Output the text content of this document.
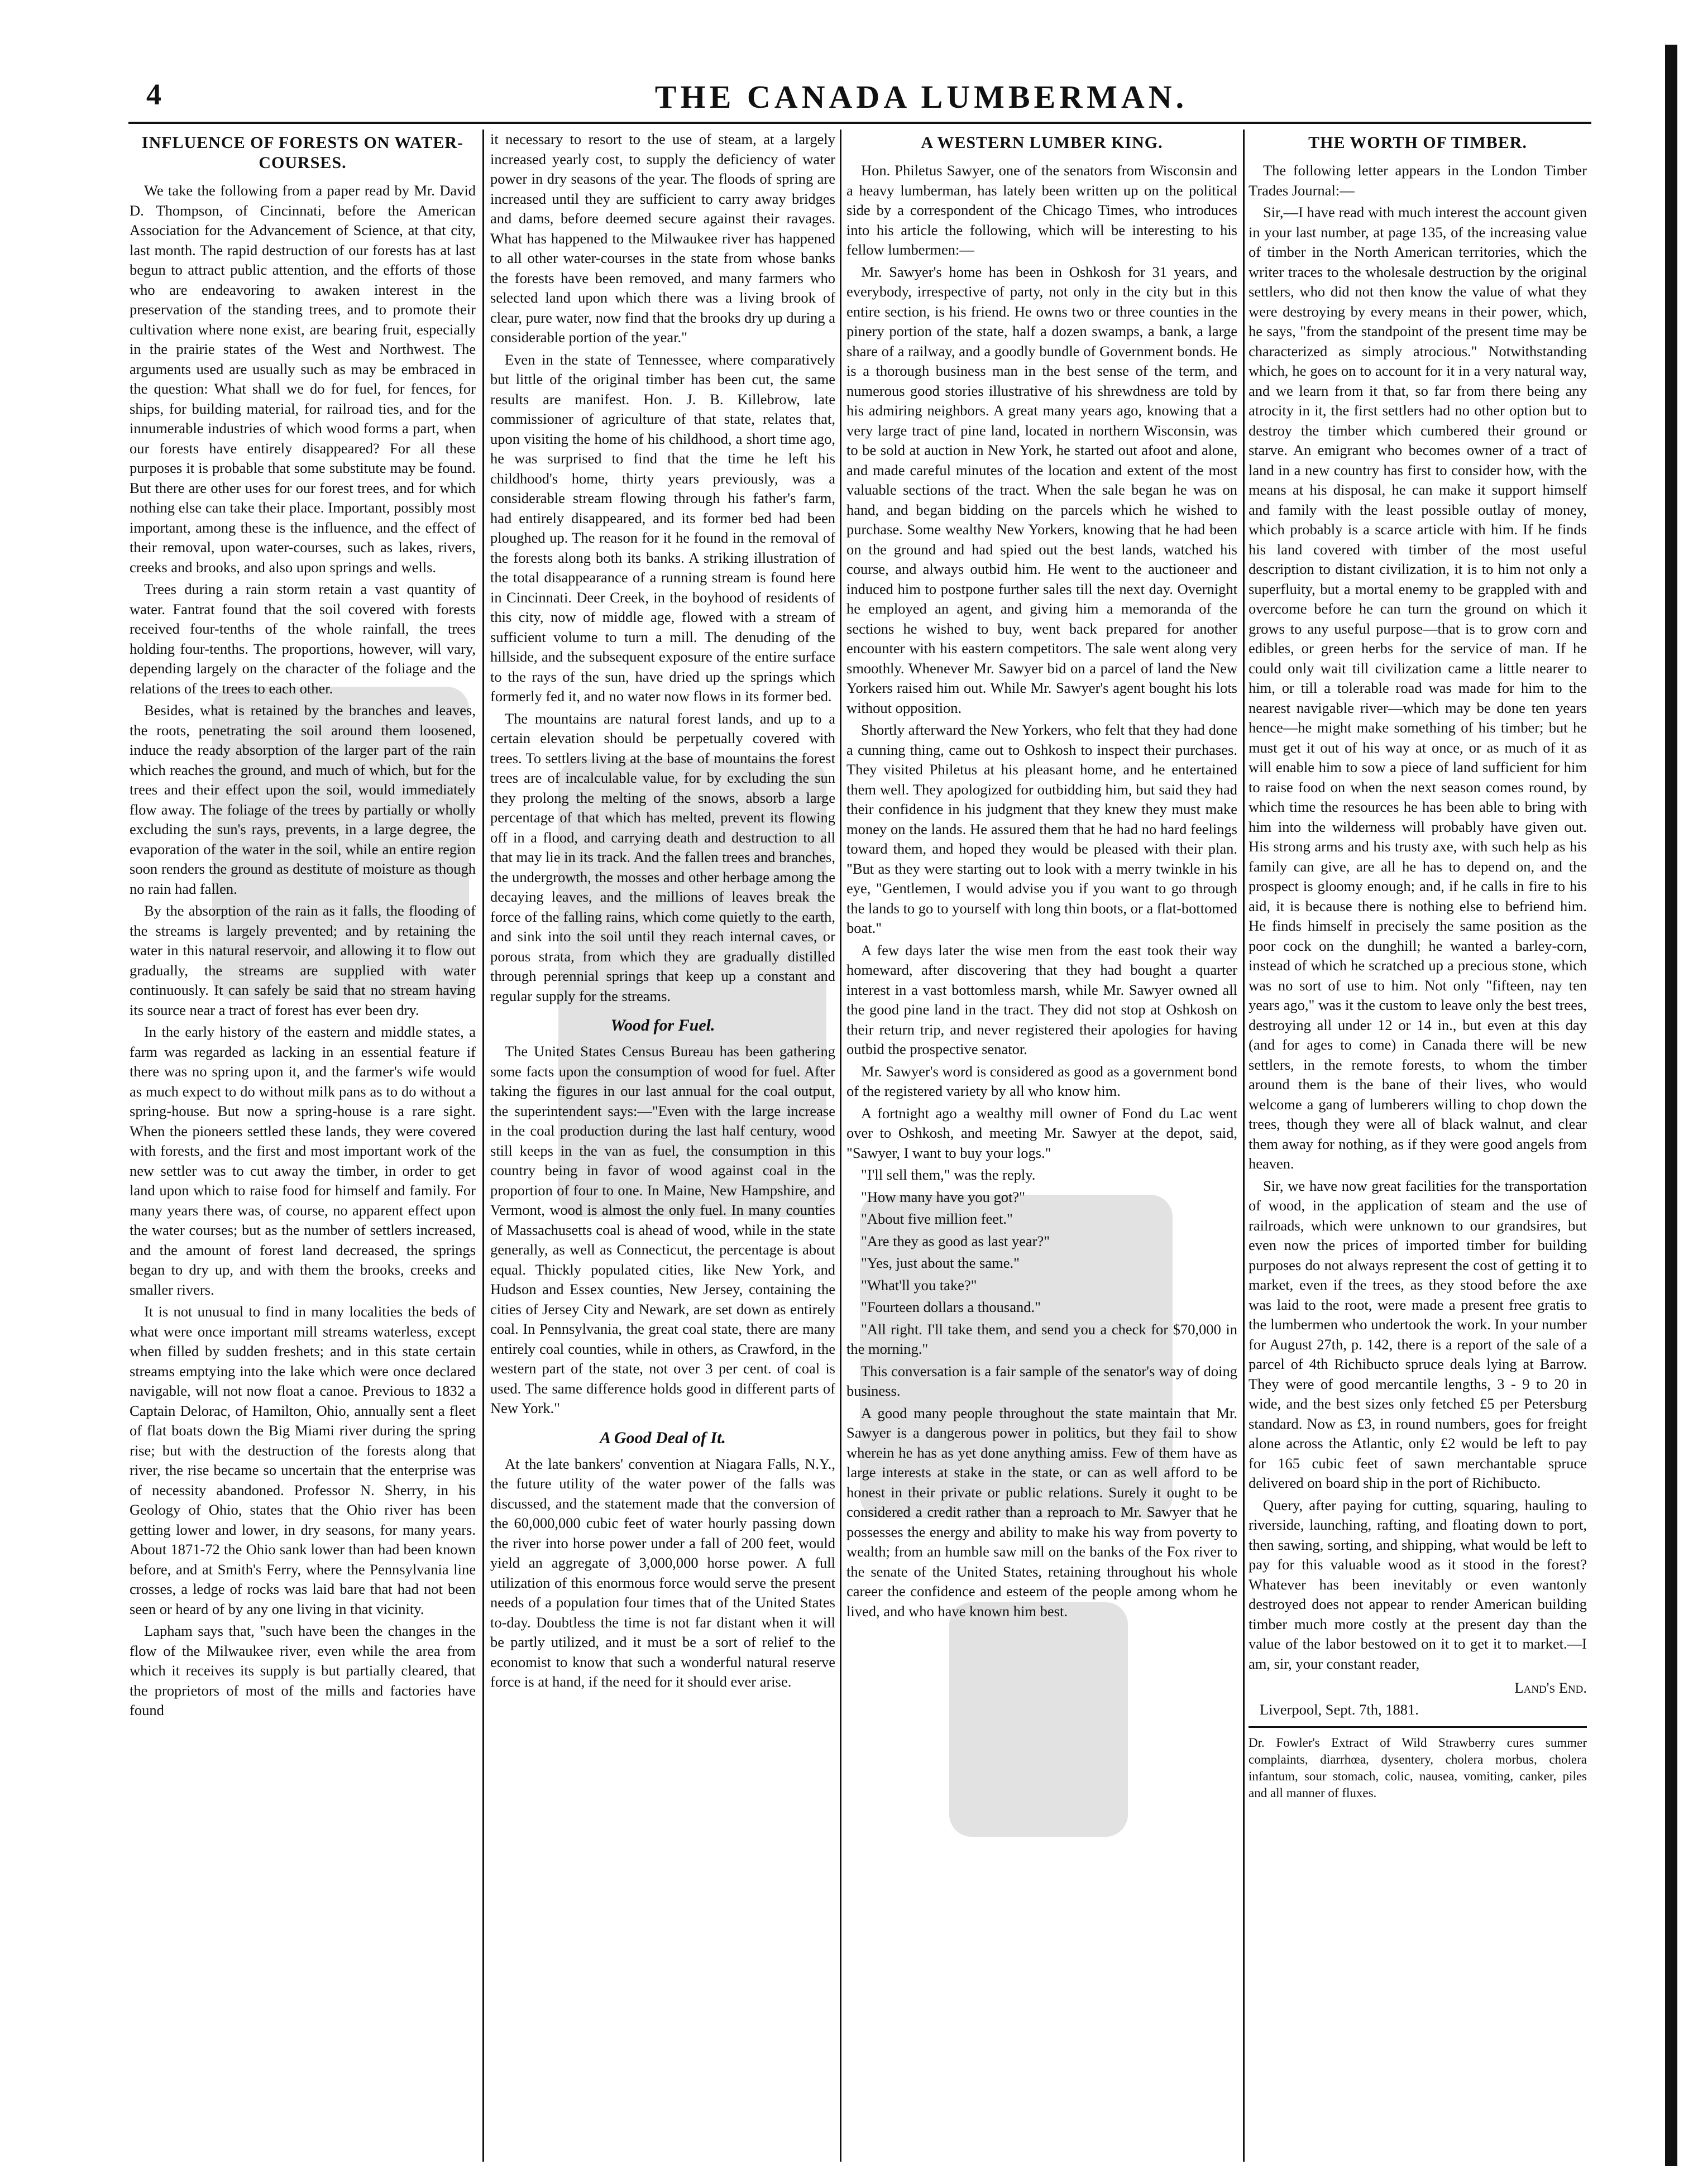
4	THE CANADA LUMBERMAN.
INFLUENCE OF FORESTS ON WATER-COURSES.

We take the following from a paper read by Mr. David D. Thompson, of Cincinnati, before the American Association for the Advancement of Science, at that city, last month. The rapid destruction of our forests has at last begun to attract public attention, and the efforts of those who are endeavoring to awaken interest in the preservation of the standing trees, and to promote their cultivation where none exist, are bearing fruit, especially in the prairie states of the West and Northwest. The arguments used are usually such as may be embraced in the question: What shall we do for fuel, for fences, for ships, for building material, for railroad ties, and for the innumerable industries of which wood forms a part, when our forests have entirely disappeared? For all these purposes it is probable that some substitute may be found. But there are other uses for our forest trees, and for which nothing else can take their place. Important, possibly most important, among these is the influence, and the effect of their removal, upon water-courses, such as lakes, rivers, creeks and brooks, and also upon springs and wells.

Trees during a rain storm retain a vast quantity of water. Fantrat found that the soil covered with forests received four-tenths of the whole rainfall, the trees holding four-tenths. The proportions, however, will vary, depending largely on the character of the foliage and the relations of the trees to each other.

Besides, what is retained by the branches and leaves, the roots, penetrating the soil around them loosened, induce the ready absorption of the larger part of the rain which reaches the ground, and much of which, but for the trees and their effect upon the soil, would immediately flow away. The foliage of the trees by partially or wholly excluding the sun's rays, prevents, in a large degree, the evaporation of the water in the soil, while an entire region soon renders the ground as destitute of moisture as though no rain had fallen.

By the absorption of the rain as it falls, the flooding of the streams is largely prevented; and by retaining the water in this natural reservoir, and allowing it to flow out gradually, the streams are supplied with water continuously. It can safely be said that no stream having its source near a tract of forest has ever been dry.

In the early history of the eastern and middle states, a farm was regarded as lacking in an essential feature if there was no spring upon it, and the farmer's wife would as much expect to do without milk pans as to do without a spring-house. But now a spring-house is a rare sight. When the pioneers settled these lands, they were covered with forests, and the first and most important work of the new settler was to cut away the timber, in order to get land upon which to raise food for himself and family. For many years there was, of course, no apparent effect upon the water courses; but as the number of settlers increased, and the amount of forest land decreased, the springs began to dry up, and with them the brooks, creeks and smaller rivers.

It is not unusual to find in many localities the beds of what were once important mill streams waterless, except when filled by sudden freshets; and in this state certain streams emptying into the lake which were once declared navigable, will not now float a canoe. Previous to 1832 a Captain Delorac, of Hamilton, Ohio, annually sent a fleet of flat boats down the Big Miami river during the spring rise; but with the destruction of the forests along that river, the rise became so uncertain that the enterprise was of necessity abandoned. Professor N. Sherry, in his Geology of Ohio, states that the Ohio river has been getting lower and lower, in dry seasons, for many years. About 1871-72 the Ohio sank lower than had been known before, and at Smith's Ferry, where the Pennsylvania line crosses, a ledge of rocks was laid bare that had not been seen or heard of by any one living in that vicinity.

Lapham says that, "such have been the changes in the flow of the Milwaukee river, even while the area from which it receives its supply is but partially cleared, that the proprietors of most of the mills and factories have found

it necessary to resort to the use of steam, at a largely increased yearly cost, to supply the deficiency of water power in dry seasons of the year. The floods of spring are increased until they are sufficient to carry away bridges and dams, before deemed secure against their ravages. What has happened to the Milwaukee river has happened to all other water-courses in the state from whose banks the forests have been removed, and many farmers who selected land upon which there was a living brook of clear, pure water, now find that the brooks dry up during a considerable portion of the year."

Even in the state of Tennessee, where comparatively but little of the original timber has been cut, the same results are manifest. Hon. J. B. Killebrow, late commissioner of agriculture of that state, relates that, upon visiting the home of his childhood, a short time ago, he was surprised to find that the time he left his childhood's home, thirty years previously, was a considerable stream flowing through his father's farm, had entirely disappeared, and its former bed had been ploughed up. The reason for it he found in the removal of the forests along both its banks. A striking illustration of the total disappearance of a running stream is found here in Cincinnati. Deer Creek, in the boyhood of residents of this city, now of middle age, flowed with a stream of sufficient volume to turn a mill. The denuding of the hillside, and the subsequent exposure of the entire surface to the rays of the sun, have dried up the springs which formerly fed it, and no water now flows in its former bed.

The mountains are natural forest lands, and up to a certain elevation should be perpetually covered with trees. To settlers living at the base of mountains the forest trees are of incalculable value, for by excluding the sun they prolong the melting of the snows, absorb a large percentage of that which has melted, prevent its flowing off in a flood, and carrying death and destruction to all that may lie in its track. And the fallen trees and branches, the undergrowth, the mosses and other herbage among the decaying leaves, and the millions of leaves break the force of the falling rains, which come quietly to the earth, and sink into the soil until they reach internal caves, or porous strata, from which they are gradually distilled through perennial springs that keep up a constant and regular supply for the streams.

Wood for Fuel.

The United States Census Bureau has been gathering some facts upon the consumption of wood for fuel. After taking the figures in our last annual for the coal output, the superintendent says:—"Even with the large increase in the coal production during the last half century, wood still keeps in the van as fuel, the consumption in this country being in favor of wood against coal in the proportion of four to one. In Maine, New Hampshire, and Vermont, wood is almost the only fuel. In many counties of Massachusetts coal is ahead of wood, while in the state generally, as well as Connecticut, the percentage is about equal. Thickly populated cities, like New York, and Hudson and Essex counties, New Jersey, containing the cities of Jersey City and Newark, are set down as entirely coal. In Pennsylvania, the great coal state, there are many entirely coal counties, while in others, as Crawford, in the western part of the state, not over 3 per cent. of coal is used. The same difference holds good in different parts of New York."

A Good Deal of It.

At the late bankers' convention at Niagara Falls, N.Y., the future utility of the water power of the falls was discussed, and the statement made that the conversion of the 60,000,000 cubic feet of water hourly passing down the river into horse power under a fall of 200 feet, would yield an aggregate of 3,000,000 horse power. A full utilization of this enormous force would serve the present needs of a population four times that of the United States to-day. Doubtless the time is not far distant when it will be partly utilized, and it must be a sort of relief to the economist to know that such a wonderful natural reserve force is at hand, if the need for it should ever arise.

A WESTERN LUMBER KING.

Hon. Philetus Sawyer, one of the senators from Wisconsin and a heavy lumberman, has lately been written up on the political side by a correspondent of the Chicago Times, who introduces into his article the following, which will be interesting to his fellow lumbermen:—

Mr. Sawyer's home has been in Oshkosh for 31 years, and everybody, irrespective of party, not only in the city but in this entire section, is his friend. He owns two or three counties in the pinery portion of the state, half a dozen swamps, a bank, a large share of a railway, and a goodly bundle of Government bonds. He is a thorough business man in the best sense of the term, and numerous good stories illustrative of his shrewdness are told by his admiring neighbors. A great many years ago, knowing that a very large tract of pine land, located in northern Wisconsin, was to be sold at auction in New York, he started out afoot and alone, and made careful minutes of the location and extent of the most valuable sections of the tract. When the sale began he was on hand, and began bidding on the parcels which he wished to purchase. Some wealthy New Yorkers, knowing that he had been on the ground and had spied out the best lands, watched his course, and always outbid him. He went to the auctioneer and induced him to postpone further sales till the next day. Overnight he employed an agent, and giving him a memoranda of the sections he wished to buy, went back prepared for another encounter with his eastern competitors. The sale went along very smoothly. Whenever Mr. Sawyer bid on a parcel of land the New Yorkers raised him out. While Mr. Sawyer's agent bought his lots without opposition.

Shortly afterward the New Yorkers, who felt that they had done a cunning thing, came out to Oshkosh to inspect their purchases. They visited Philetus at his pleasant home, and he entertained them well. They apologized for outbidding him, but said they had their confidence in his judgment that they knew they must make money on the lands. He assured them that he had no hard feelings toward them, and hoped they would be pleased with their plan. "But as they were starting out to look with a merry twinkle in his eye, "Gentlemen, I would advise you if you want to go through the lands to go to yourself with long thin boots, or a flat-bottomed boat."

A few days later the wise men from the east took their way homeward, after discovering that they had bought a quarter interest in a vast bottomless marsh, while Mr. Sawyer owned all the good pine land in the tract. They did not stop at Oshkosh on their return trip, and never registered their apologies for having outbid the prospective senator.

Mr. Sawyer's word is considered as good as a government bond of the registered variety by all who know him.

A fortnight ago a wealthy mill owner of Fond du Lac went over to Oshkosh, and meeting Mr. Sawyer at the depot, said, "Sawyer, I want to buy your logs."

"I'll sell them," was the reply.

"How many have you got?"

"About five million feet."

"Are they as good as last year?"

"Yes, just about the same."

"What'll you take?"

"Fourteen dollars a thousand."

"All right. I'll take them, and send you a check for $70,000 in the morning."

This conversation is a fair sample of the senator's way of doing business.

A good many people throughout the state maintain that Mr. Sawyer is a dangerous power in politics, but they fail to show wherein he has as yet done anything amiss. Few of them have as large interests at stake in the state, or can as well afford to be honest in their private or public relations. Surely it ought to be considered a credit rather than a reproach to Mr. Sawyer that he possesses the energy and ability to make his way from poverty to wealth; from an humble saw mill on the banks of the Fox river to the senate of the United States, retaining throughout his whole career the confidence and esteem of the people among whom he lived, and who have known him best.

THE WORTH OF TIMBER.

The following letter appears in the London Timber Trades Journal:—

Sir,—I have read with much interest the account given in your last number, at page 135, of the increasing value of timber in the North American territories, which the writer traces to the wholesale destruction by the original settlers, who did not then know the value of what they were destroying by every means in their power, which, he says, "from the standpoint of the present time may be characterized as simply atrocious." Notwithstanding which, he goes on to account for it in a very natural way, and we learn from it that, so far from there being any atrocity in it, the first settlers had no other option but to destroy the timber which cumbered their ground or starve. An emigrant who becomes owner of a tract of land in a new country has first to consider how, with the means at his disposal, he can make it support himself and family with the least possible outlay of money, which probably is a scarce article with him. If he finds his land covered with timber of the most useful description to distant civilization, it is to him not only a superfluity, but a mortal enemy to be grappled with and overcome before he can turn the ground on which it grows to any useful purpose—that is to grow corn and edibles, or green herbs for the service of man. If he could only wait till civilization came a little nearer to him, or till a tolerable road was made for him to the nearest navigable river—which may be done ten years hence—he might make something of his timber; but he must get it out of his way at once, or as much of it as will enable him to sow a piece of land sufficient for him to raise food on when the next season comes round, by which time the resources he has been able to bring with him into the wilderness will probably have given out. His strong arms and his trusty axe, with such help as his family can give, are all he has to depend on, and the prospect is gloomy enough; and, if he calls in fire to his aid, it is because there is nothing else to befriend him. He finds himself in precisely the same position as the poor cock on the dunghill; he wanted a barley-corn, instead of which he scratched up a precious stone, which was no sort of use to him. Not only "fifteen, nay ten years ago," was it the custom to leave only the best trees, destroying all under 12 or 14 in., but even at this day (and for ages to come) in Canada there will be new settlers, in the remote forests, to whom the timber around them is the bane of their lives, who would welcome a gang of lumberers willing to chop down the trees, though they were all of black walnut, and clear them away for nothing, as if they were good angels from heaven.

Sir, we have now great facilities for the transportation of wood, in the application of steam and the use of railroads, which were unknown to our grandsires, but even now the prices of imported timber for building purposes do not always represent the cost of getting it to market, even if the trees, as they stood before the axe was laid to the root, were made a present free gratis to the lumbermen who undertook the work. In your number for August 27th, p. 142, there is a report of the sale of a parcel of 4th Richibucto spruce deals lying at Barrow. They were of good mercantile lengths, 3 - 9 to 20 in wide, and the best sizes only fetched £5 per Petersburg standard. Now as £3, in round numbers, goes for freight alone across the Atlantic, only £2 would be left to pay for 165 cubic feet of sawn merchantable spruce delivered on board ship in the port of Richibucto.

Query, after paying for cutting, squaring, hauling to riverside, launching, rafting, and floating down to port, then sawing, sorting, and shipping, what would be left to pay for this valuable wood as it stood in the forest? Whatever has been inevitably or even wantonly destroyed does not appear to render American building timber much more costly at the present day than the value of the labor bestowed on it to get it to market.—I am, sir, your constant reader,

Land's End.
Liverpool, Sept. 7th, 1881.
Dr. Fowler's Extract of Wild Strawberry cures summer complaints, diarrhœa, dysentery, cholera morbus, cholera infantum, sour stomach, colic, nausea, vomiting, canker, piles and all manner of fluxes.
